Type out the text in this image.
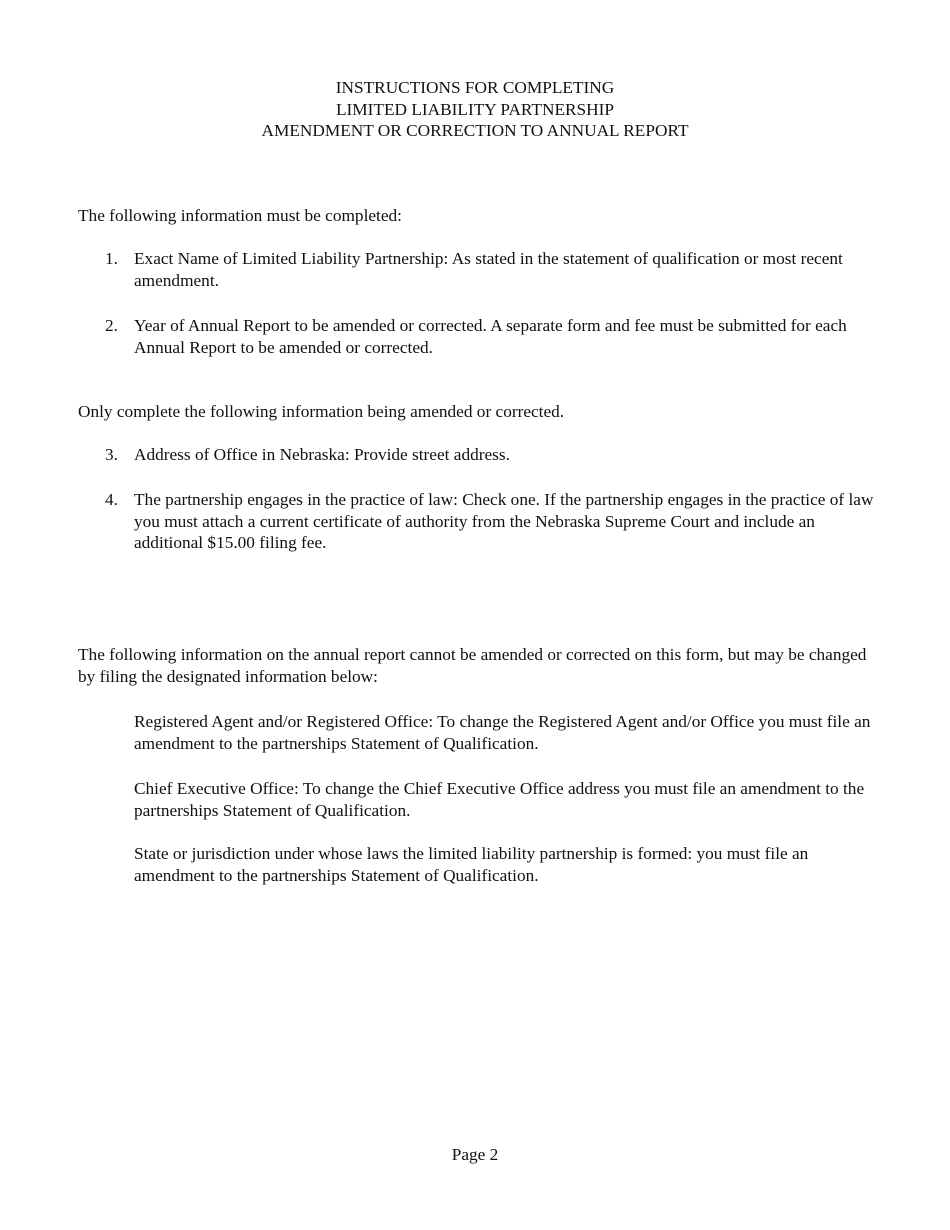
INSTRUCTIONS FOR COMPLETING
LIMITED LIABILITY PARTNERSHIP
AMENDMENT OR CORRECTION TO ANNUAL REPORT
The following information must be completed:
1. Exact Name of Limited Liability Partnership: As stated in the statement of qualification or most recent amendment.
2. Year of Annual Report to be amended or corrected. A separate form and fee must be submitted for each Annual Report to be amended or corrected.
Only complete the following information being amended or corrected.
3. Address of Office in Nebraska: Provide street address.
4. The partnership engages in the practice of law: Check one. If the partnership engages in the practice of law you must attach a current certificate of authority from the Nebraska Supreme Court and include an additional $15.00 filing fee.
The following information on the annual report cannot be amended or corrected on this form, but may be changed by filing the designated information below:
Registered Agent and/or Registered Office: To change the Registered Agent and/or Office you must file an amendment to the partnerships Statement of Qualification.
Chief Executive Office: To change the Chief Executive Office address you must file an amendment to the partnerships Statement of Qualification.
State or jurisdiction under whose laws the limited liability partnership is formed: you must file an amendment to the partnerships Statement of Qualification.
Page 2
